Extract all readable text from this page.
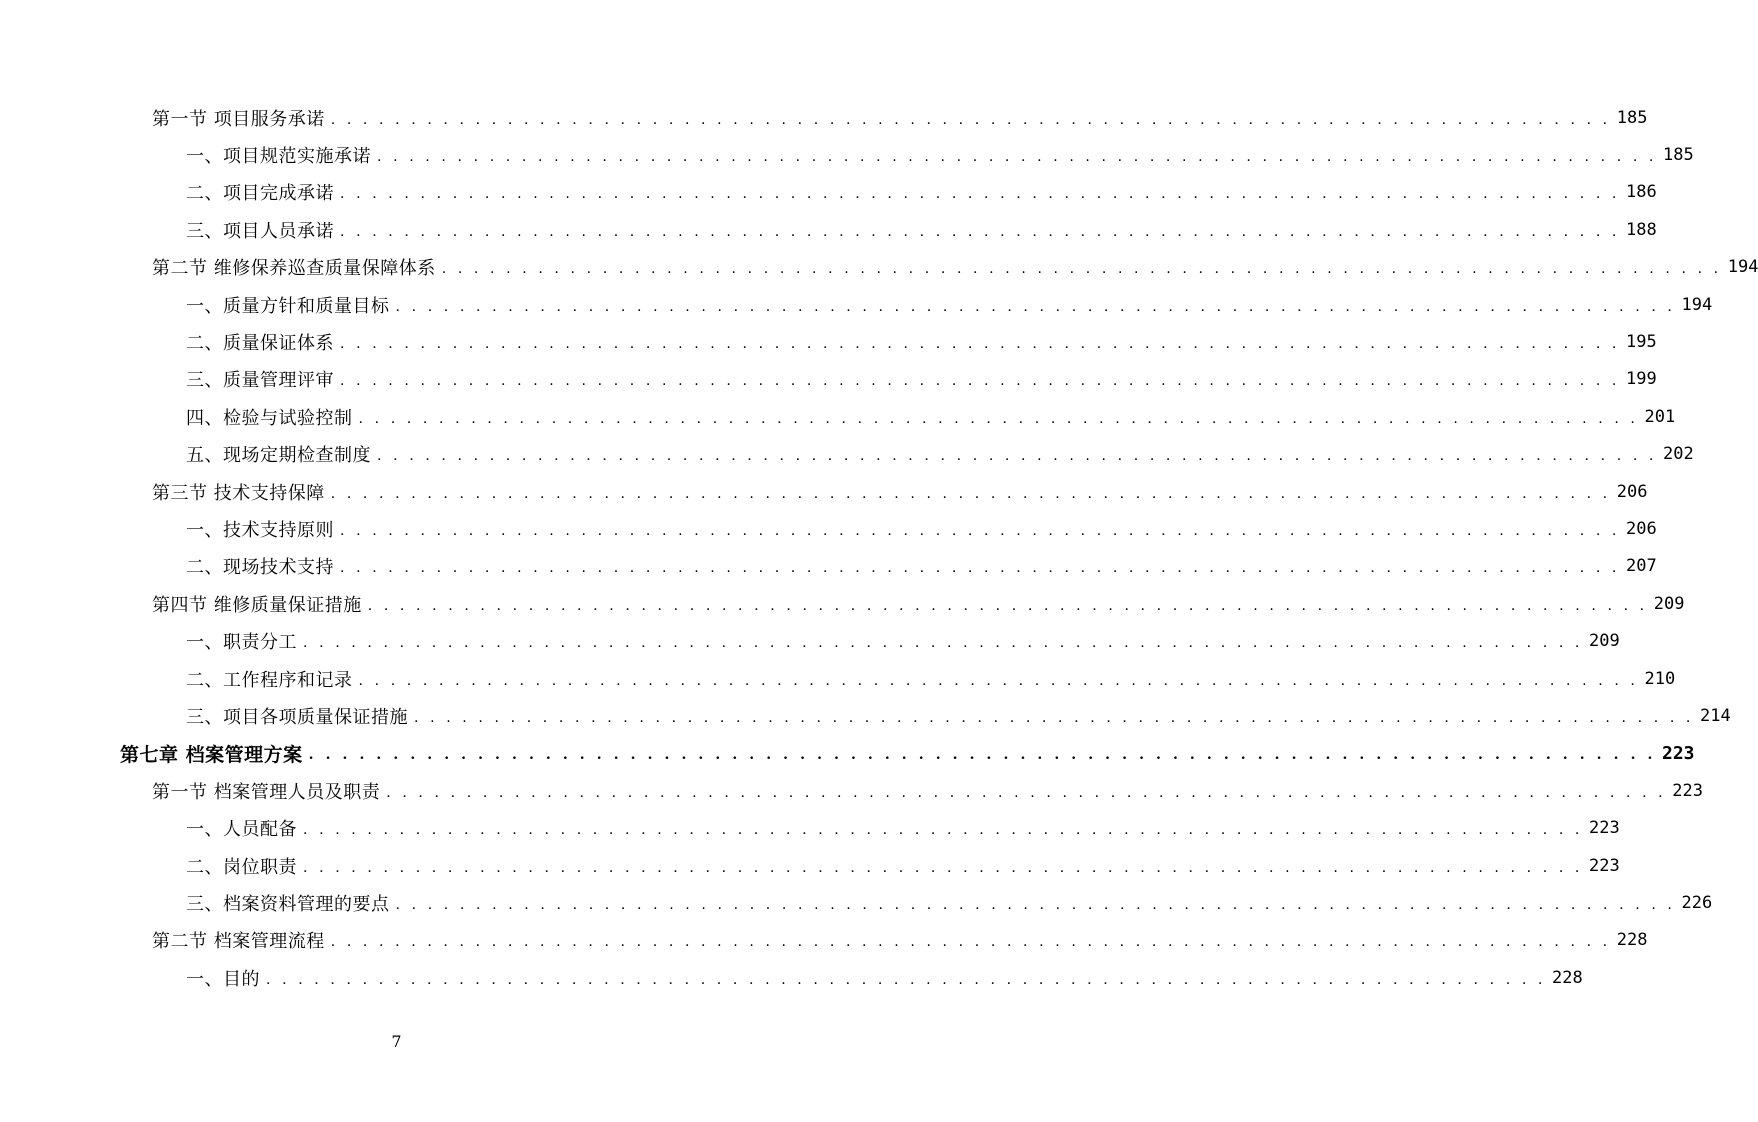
第一节 项目服务承诺 . . . . . . . . . . . . . . . . . . . . . . . . . . . . . . . . . . . . . . . . . . . . . . . . . . . . . . . . . . . . . . . . . . . . . . . . . . . . . . . . 185
一、项目规范实施承诺 . . . . . . . . . . . . . . . . . . . . . . . . . . . . . . . . . . . . . . . . . . . . . . . . . . . . . . . . . . . . . . . . . . . . . . . . . . . . . . . . 185
二、项目完成承诺 . . . . . . . . . . . . . . . . . . . . . . . . . . . . . . . . . . . . . . . . . . . . . . . . . . . . . . . . . . . . . . . . . . . . . . . . . . . . . . . . 186
三、项目人员承诺 . . . . . . . . . . . . . . . . . . . . . . . . . . . . . . . . . . . . . . . . . . . . . . . . . . . . . . . . . . . . . . . . . . . . . . . . . . . . . . . . 188
第二节 维修保养巡查质量保障体系 . . . . . . . . . . . . . . . . . . . . . . . . . . . . . . . . . . . . . . . . . . . . . . . . . . . . . . . . . . . . . . . . . . . . . . . . . . . . . . . . 194
一、质量方针和质量目标 . . . . . . . . . . . . . . . . . . . . . . . . . . . . . . . . . . . . . . . . . . . . . . . . . . . . . . . . . . . . . . . . . . . . . . . . . . . . . . . . 194
二、质量保证体系 . . . . . . . . . . . . . . . . . . . . . . . . . . . . . . . . . . . . . . . . . . . . . . . . . . . . . . . . . . . . . . . . . . . . . . . . . . . . . . . . 195
三、质量管理评审 . . . . . . . . . . . . . . . . . . . . . . . . . . . . . . . . . . . . . . . . . . . . . . . . . . . . . . . . . . . . . . . . . . . . . . . . . . . . . . . . 199
四、检验与试验控制 . . . . . . . . . . . . . . . . . . . . . . . . . . . . . . . . . . . . . . . . . . . . . . . . . . . . . . . . . . . . . . . . . . . . . . . . . . . . . . . . 201
五、现场定期检查制度 . . . . . . . . . . . . . . . . . . . . . . . . . . . . . . . . . . . . . . . . . . . . . . . . . . . . . . . . . . . . . . . . . . . . . . . . . . . . . . . . 202
第三节 技术支持保障 . . . . . . . . . . . . . . . . . . . . . . . . . . . . . . . . . . . . . . . . . . . . . . . . . . . . . . . . . . . . . . . . . . . . . . . . . . . . . . . . 206
一、技术支持原则 . . . . . . . . . . . . . . . . . . . . . . . . . . . . . . . . . . . . . . . . . . . . . . . . . . . . . . . . . . . . . . . . . . . . . . . . . . . . . . . . 206
二、现场技术支持 . . . . . . . . . . . . . . . . . . . . . . . . . . . . . . . . . . . . . . . . . . . . . . . . . . . . . . . . . . . . . . . . . . . . . . . . . . . . . . . . 207
第四节 维修质量保证措施 . . . . . . . . . . . . . . . . . . . . . . . . . . . . . . . . . . . . . . . . . . . . . . . . . . . . . . . . . . . . . . . . . . . . . . . . . . . . . . . . 209
一、职责分工 . . . . . . . . . . . . . . . . . . . . . . . . . . . . . . . . . . . . . . . . . . . . . . . . . . . . . . . . . . . . . . . . . . . . . . . . . . . . . . . . 209
二、工作程序和记录 . . . . . . . . . . . . . . . . . . . . . . . . . . . . . . . . . . . . . . . . . . . . . . . . . . . . . . . . . . . . . . . . . . . . . . . . . . . . . . . . 210
三、项目各项质量保证措施 . . . . . . . . . . . . . . . . . . . . . . . . . . . . . . . . . . . . . . . . . . . . . . . . . . . . . . . . . . . . . . . . . . . . . . . . . . . . . . . . 214
第七章 档案管理方案 . . . . . . . . . . . . . . . . . . . . . . . . . . . . . . . . . . . . . . . . . . . . . . . . . . . . . . . . . . . . . . . . . . . . . . . . . . . . . . . . 223
第一节 档案管理人员及职责 . . . . . . . . . . . . . . . . . . . . . . . . . . . . . . . . . . . . . . . . . . . . . . . . . . . . . . . . . . . . . . . . . . . . . . . . . . . . . . . . 223
一、人员配备 . . . . . . . . . . . . . . . . . . . . . . . . . . . . . . . . . . . . . . . . . . . . . . . . . . . . . . . . . . . . . . . . . . . . . . . . . . . . . . . . 223
二、岗位职责 . . . . . . . . . . . . . . . . . . . . . . . . . . . . . . . . . . . . . . . . . . . . . . . . . . . . . . . . . . . . . . . . . . . . . . . . . . . . . . . . 223
三、档案资料管理的要点 . . . . . . . . . . . . . . . . . . . . . . . . . . . . . . . . . . . . . . . . . . . . . . . . . . . . . . . . . . . . . . . . . . . . . . . . . . . . . . . . 226
第二节 档案管理流程 . . . . . . . . . . . . . . . . . . . . . . . . . . . . . . . . . . . . . . . . . . . . . . . . . . . . . . . . . . . . . . . . . . . . . . . . . . . . . . . . 228
一、目的 . . . . . . . . . . . . . . . . . . . . . . . . . . . . . . . . . . . . . . . . . . . . . . . . . . . . . . . . . . . . . . . . . . . . . . . . . . . . . . . . 228
7
